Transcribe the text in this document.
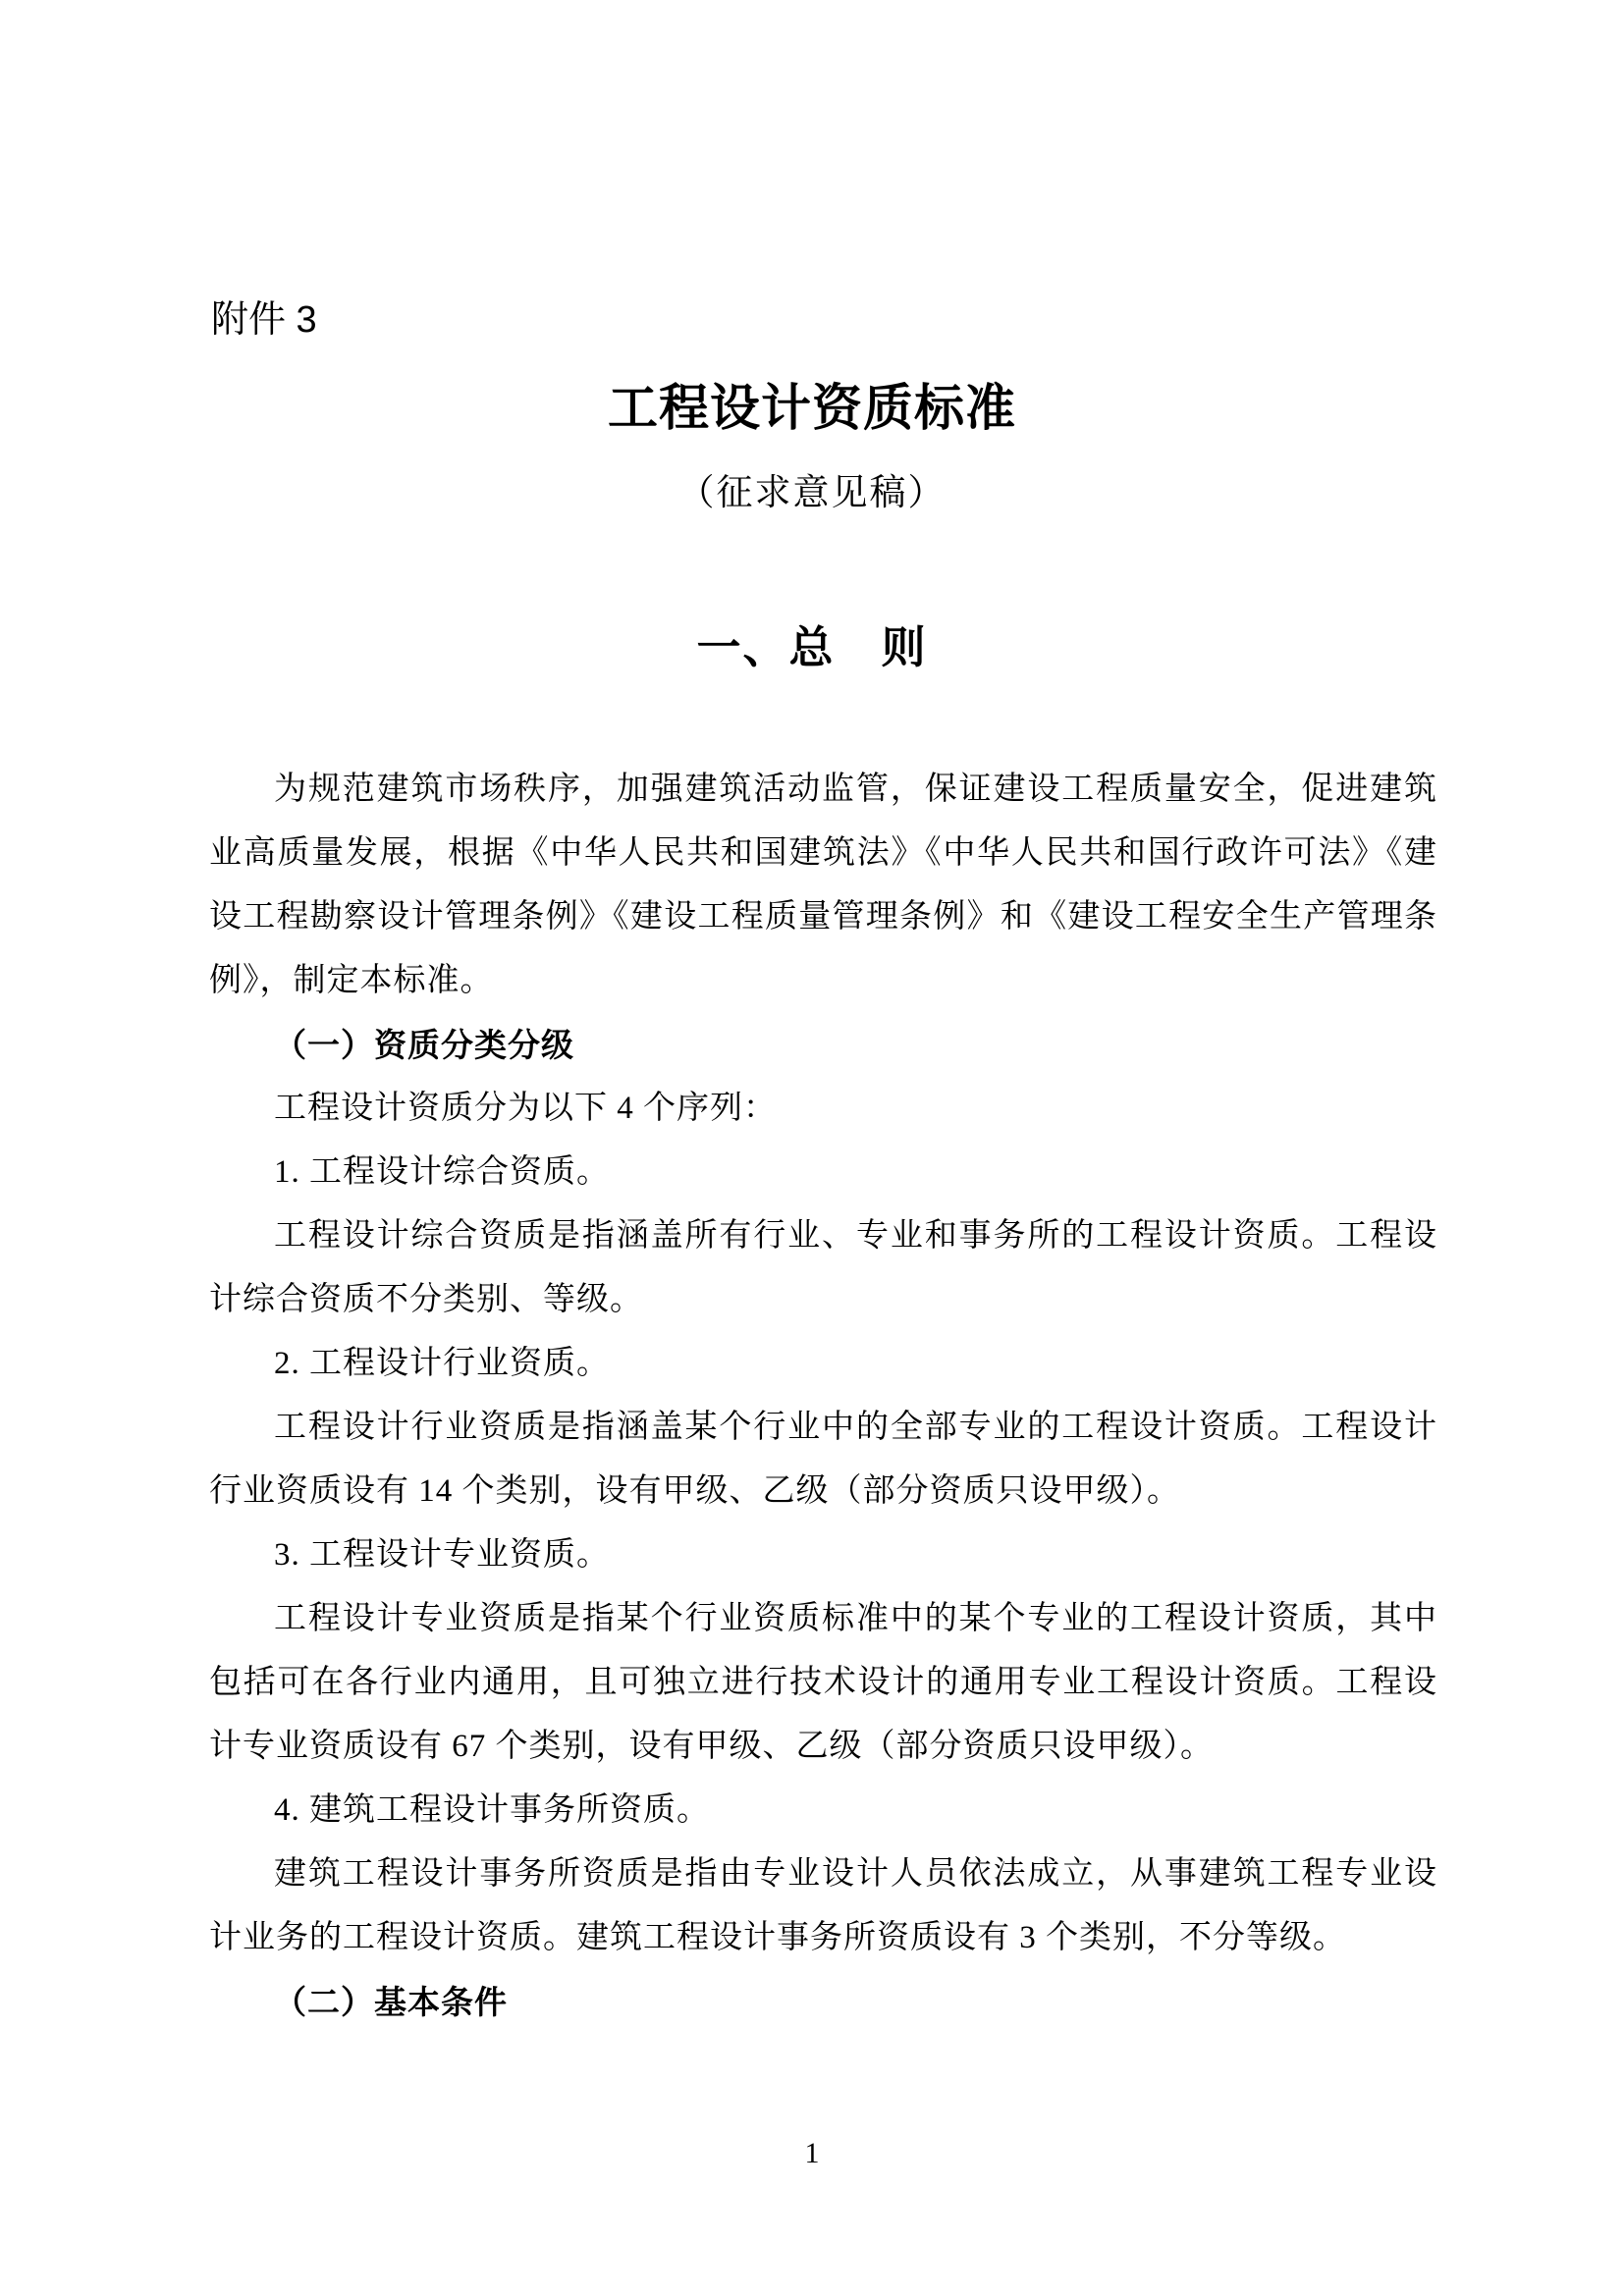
附件 3
工程设计资质标准
（征求意见稿）
一、总　则

为规范建筑市场秩序，加强建筑活动监管，保证建设工程质量安全，促进建筑业高质量发展，根据《中华人民共和国建筑法》《中华人民共和国行政许可法》《建设工程勘察设计管理条例》《建设工程质量管理条例》和《建设工程安全生产管理条例》，制定本标准。

（一）资质分类分级

工程设计资质分为以下 4 个序列：

1. 工程设计综合资质。

工程设计综合资质是指涵盖所有行业、专业和事务所的工程设计资质。工程设计综合资质不分类别、等级。

2. 工程设计行业资质。

工程设计行业资质是指涵盖某个行业中的全部专业的工程设计资质。工程设计行业资质设有 14 个类别，设有甲级、乙级（部分资质只设甲级）。

3. 工程设计专业资质。

工程设计专业资质是指某个行业资质标准中的某个专业的工程设计资质，其中包括可在各行业内通用，且可独立进行技术设计的通用专业工程设计资质。工程设计专业资质设有 67 个类别，设有甲级、乙级（部分资质只设甲级）。

4. 建筑工程设计事务所资质。

建筑工程设计事务所资质是指由专业设计人员依法成立，从事建筑工程专业设计业务的工程设计资质。建筑工程设计事务所资质设有 3 个类别，不分等级。

（二）基本条件

1
